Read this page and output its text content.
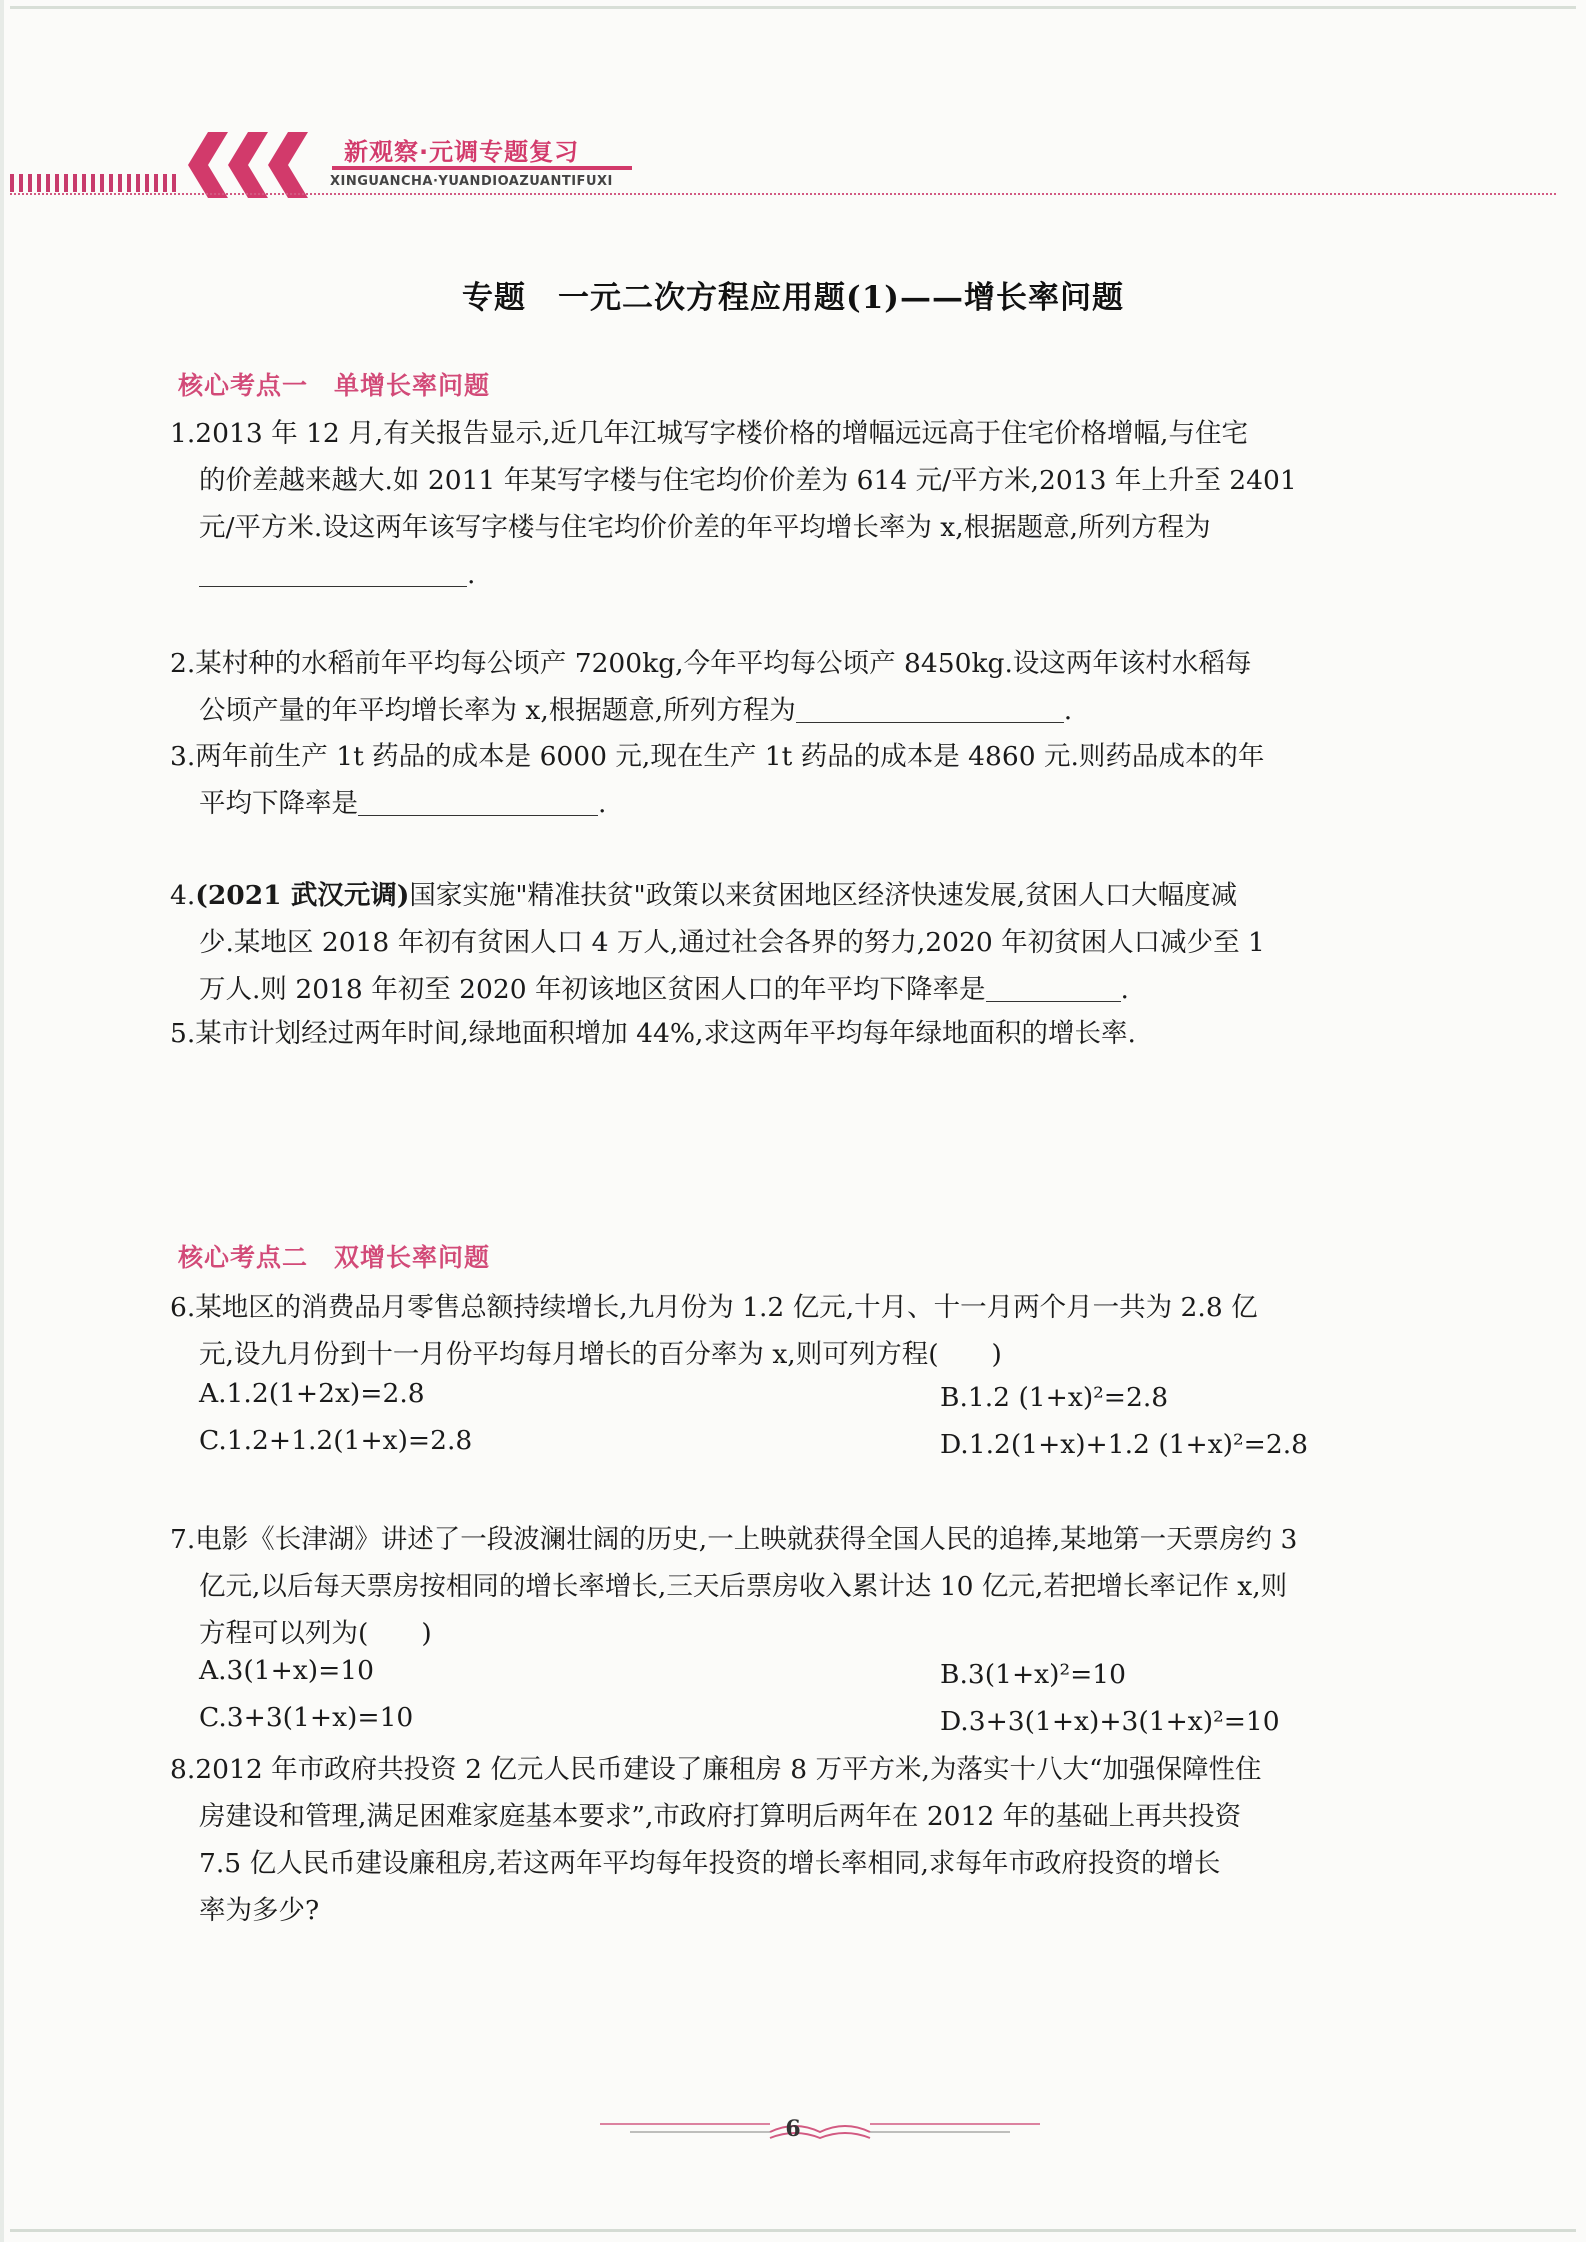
新观察·元调专题复习
XINGUANCHA·YUANDIOAZUANTIFUXI
专题　一元二次方程应用题(1)——增长率问题
核心考点一　单增长率问题
1.2013 年 12 月,有关报告显示,近几年江城写字楼价格的增幅远远高于住宅价格增幅,与住宅
的价差越来越大.如 2011 年某写字楼与住宅均价价差为 614 元/平方米,2013 年上升至 2401
元/平方米.设这两年该写字楼与住宅均价价差的年平均增长率为 x,根据题意,所列方程为
.
2.某村种的水稻前年平均每公顷产 7200kg,今年平均每公顷产 8450kg.设这两年该村水稻每
公顷产量的年平均增长率为 x,根据题意,所列方程为	.
3.两年前生产 1t 药品的成本是 6000 元,现在生产 1t 药品的成本是 4860 元.则药品成本的年
平均下降率是	.
4.(2021 武汉元调)国家实施"精准扶贫"政策以来贫困地区经济快速发展,贫困人口大幅度减
少.某地区 2018 年初有贫困人口 4 万人,通过社会各界的努力,2020 年初贫困人口减少至 1
万人.则 2018 年初至 2020 年初该地区贫困人口的年平均下降率是	.
5.某市计划经过两年时间,绿地面积增加 44%,求这两年平均每年绿地面积的增长率.
核心考点二　双增长率问题
6.某地区的消费品月零售总额持续增长,九月份为 1.2 亿元,十月、十一月两个月一共为 2.8 亿
元,设九月份到十一月份平均每月增长的百分率为 x,则可列方程(　　)
A.1.2(1+2x)=2.8	B.1.2 (1+x)²=2.8
C.1.2+1.2(1+x)=2.8	D.1.2(1+x)+1.2 (1+x)²=2.8
7.电影《长津湖》讲述了一段波澜壮阔的历史,一上映就获得全国人民的追捧,某地第一天票房约 3
亿元,以后每天票房按相同的增长率增长,三天后票房收入累计达 10 亿元,若把增长率记作 x,则
方程可以列为(　　)
A.3(1+x)=10	B.3(1+x)²=10
C.3+3(1+x)=10	D.3+3(1+x)+3(1+x)²=10
8.2012 年市政府共投资 2 亿元人民币建设了廉租房 8 万平方米,为落实十八大“加强保障性住
房建设和管理,满足困难家庭基本要求”,市政府打算明后两年在 2012 年的基础上再共投资
7.5 亿人民币建设廉租房,若这两年平均每年投资的增长率相同,求每年市政府投资的增长
率为多少?
6
